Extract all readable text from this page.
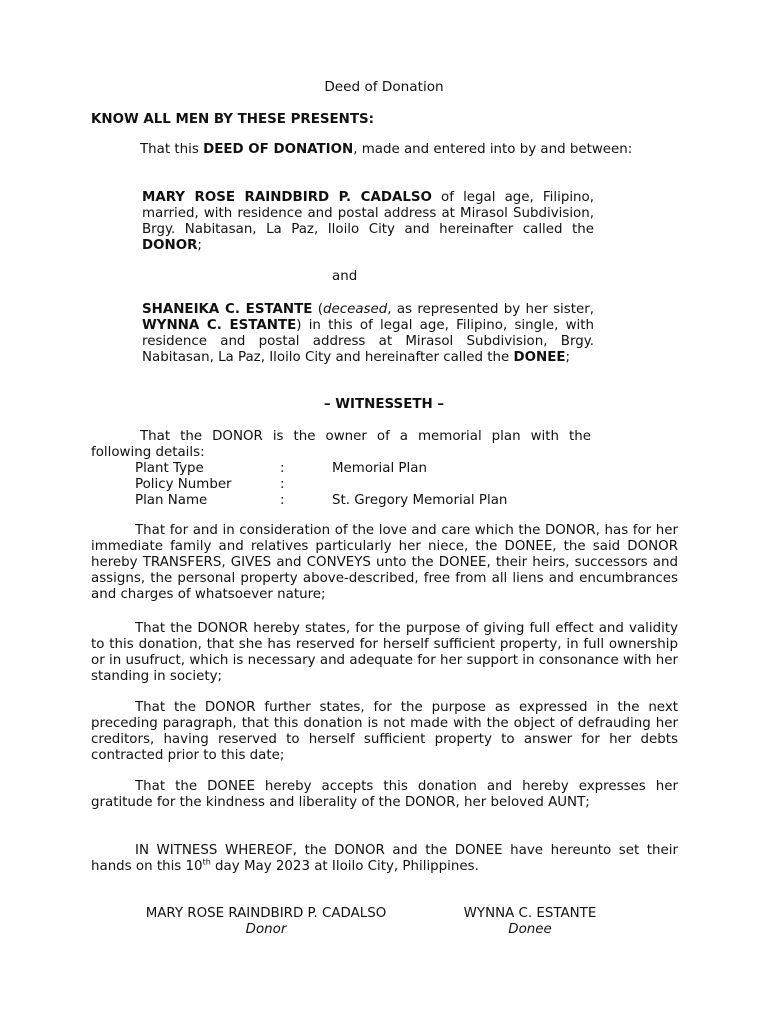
Deed of Donation
KNOW ALL MEN BY THESE PRESENTS:
That this DEED OF DONATION, made and entered into by and between:
MARY ROSE RAINDBIRD P. CADALSO of legal age, Filipino, married, with residence and postal address at Mirasol Subdivision, Brgy. Nabitasan, La Paz, Iloilo City and hereinafter called the DONOR;
and
SHANEIKA C. ESTANTE (deceased, as represented by her sister, WYNNA C. ESTANTE) in this of legal age, Filipino, single, with residence and postal address at Mirasol Subdivision, Brgy. Nabitasan, La Paz, Iloilo City and hereinafter called the DONEE;
– WITNESSETH –
That the DONOR is the owner of a memorial plan with the following details:
Plant Type	:	Memorial Plan
Policy Number	:
Plan Name	:	St. Gregory Memorial Plan
That for and in consideration of the love and care which the DONOR, has for her immediate family and relatives particularly her niece, the DONEE, the said DONOR hereby TRANSFERS, GIVES and CONVEYS unto the DONEE, their heirs, successors and assigns, the personal property above-described, free from all liens and encumbrances and charges of whatsoever nature;
That the DONOR hereby states, for the purpose of giving full effect and validity to this donation, that she has reserved for herself sufficient property, in full ownership or in usufruct, which is necessary and adequate for her support in consonance with her standing in society;
That the DONOR further states, for the purpose as expressed in the next preceding paragraph, that this donation is not made with the object of defrauding her creditors, having reserved to herself sufficient property to answer for her debts contracted prior to this date;
That the DONEE hereby accepts this donation and hereby expresses her gratitude for the kindness and liberality of the DONOR, her beloved AUNT;
IN WITNESS WHEREOF, the DONOR and the DONEE have hereunto set their hands on this 10th day May 2023 at Iloilo City, Philippines.
MARY ROSE RAINDBIRD P. CADALSO
Donor
WYNNA C. ESTANTE
Donee
